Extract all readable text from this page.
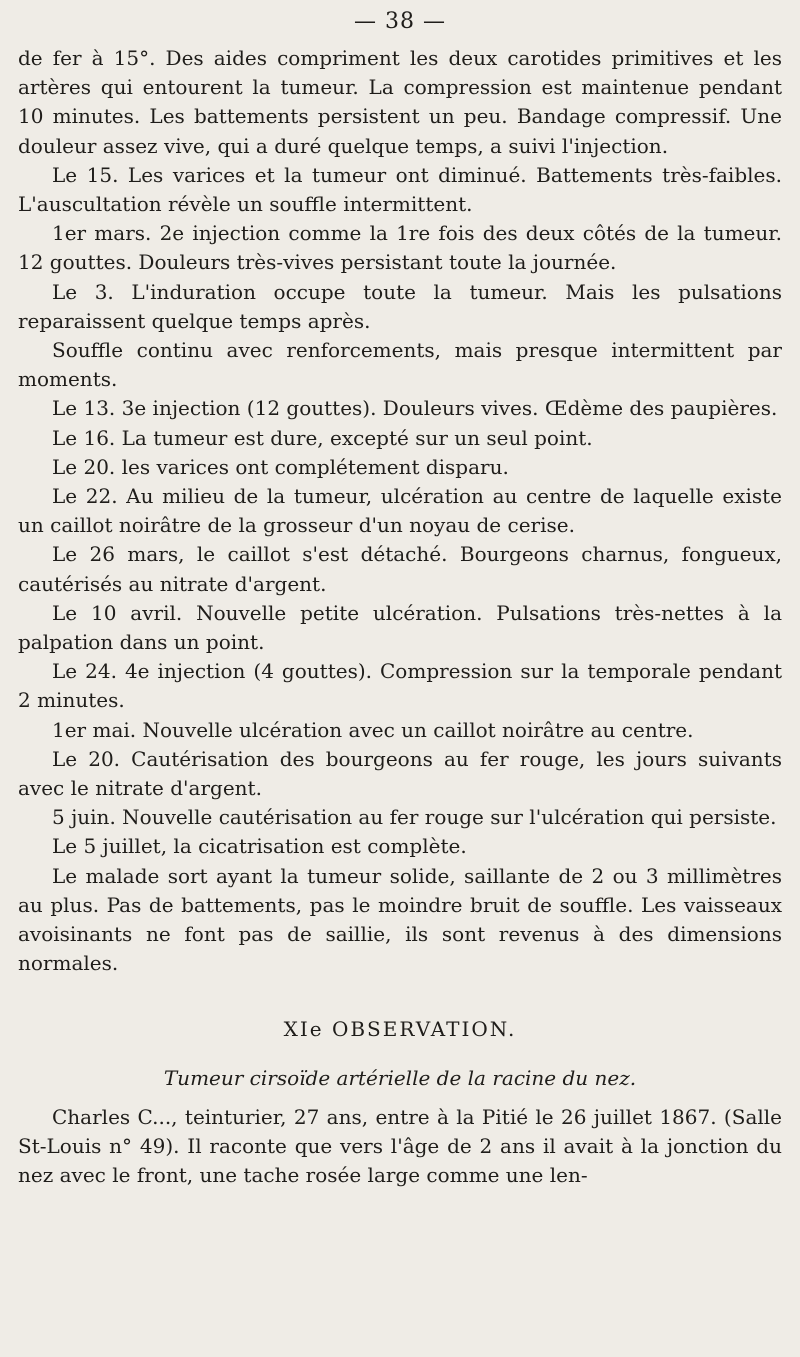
— 38 —

de fer à 15°. Des aides compriment les deux carotides primitives et les artères qui entourent la tumeur. La compression est maintenue pendant 10 minutes. Les battements persistent un peu. Bandage compressif. Une douleur assez vive, qui a duré quelque temps, a suivi l'injection.

Le 15. Les varices et la tumeur ont diminué. Battements très-faibles. L'auscultation révèle un souffle intermittent.

1er mars. 2e injection comme la 1re fois des deux côtés de la tumeur. 12 gouttes. Douleurs très-vives persistant toute la journée.

Le 3. L'induration occupe toute la tumeur. Mais les pulsations reparaissent quelque temps après.

Souffle continu avec renforcements, mais presque intermittent par moments.

Le 13. 3e injection (12 gouttes). Douleurs vives. Œdème des paupières.

Le 16. La tumeur est dure, excepté sur un seul point.

Le 20. les varices ont complétement disparu.

Le 22. Au milieu de la tumeur, ulcération au centre de laquelle existe un caillot noirâtre de la grosseur d'un noyau de cerise.

Le 26 mars, le caillot s'est détaché. Bourgeons charnus, fongueux, cautérisés au nitrate d'argent.

Le 10 avril. Nouvelle petite ulcération. Pulsations très-nettes à la palpation dans un point.

Le 24. 4e injection (4 gouttes). Compression sur la temporale pendant 2 minutes.

1er mai. Nouvelle ulcération avec un caillot noirâtre au centre.

Le 20. Cautérisation des bourgeons au fer rouge, les jours suivants avec le nitrate d'argent.

5 juin. Nouvelle cautérisation au fer rouge sur l'ulcération qui persiste.

Le 5 juillet, la cicatrisation est complète.

Le malade sort ayant la tumeur solide, saillante de 2 ou 3 millimètres au plus. Pas de battements, pas le moindre bruit de souffle. Les vaisseaux avoisinants ne font pas de saillie, ils sont revenus à des dimensions normales.

XIe OBSERVATION.
Tumeur cirsoïde artérielle de la racine du nez.

Charles C..., teinturier, 27 ans, entre à la Pitié le 26 juillet 1867. (Salle St-Louis n° 49). Il raconte que vers l'âge de 2 ans il avait à la jonction du nez avec le front, une tache rosée large comme une len-
